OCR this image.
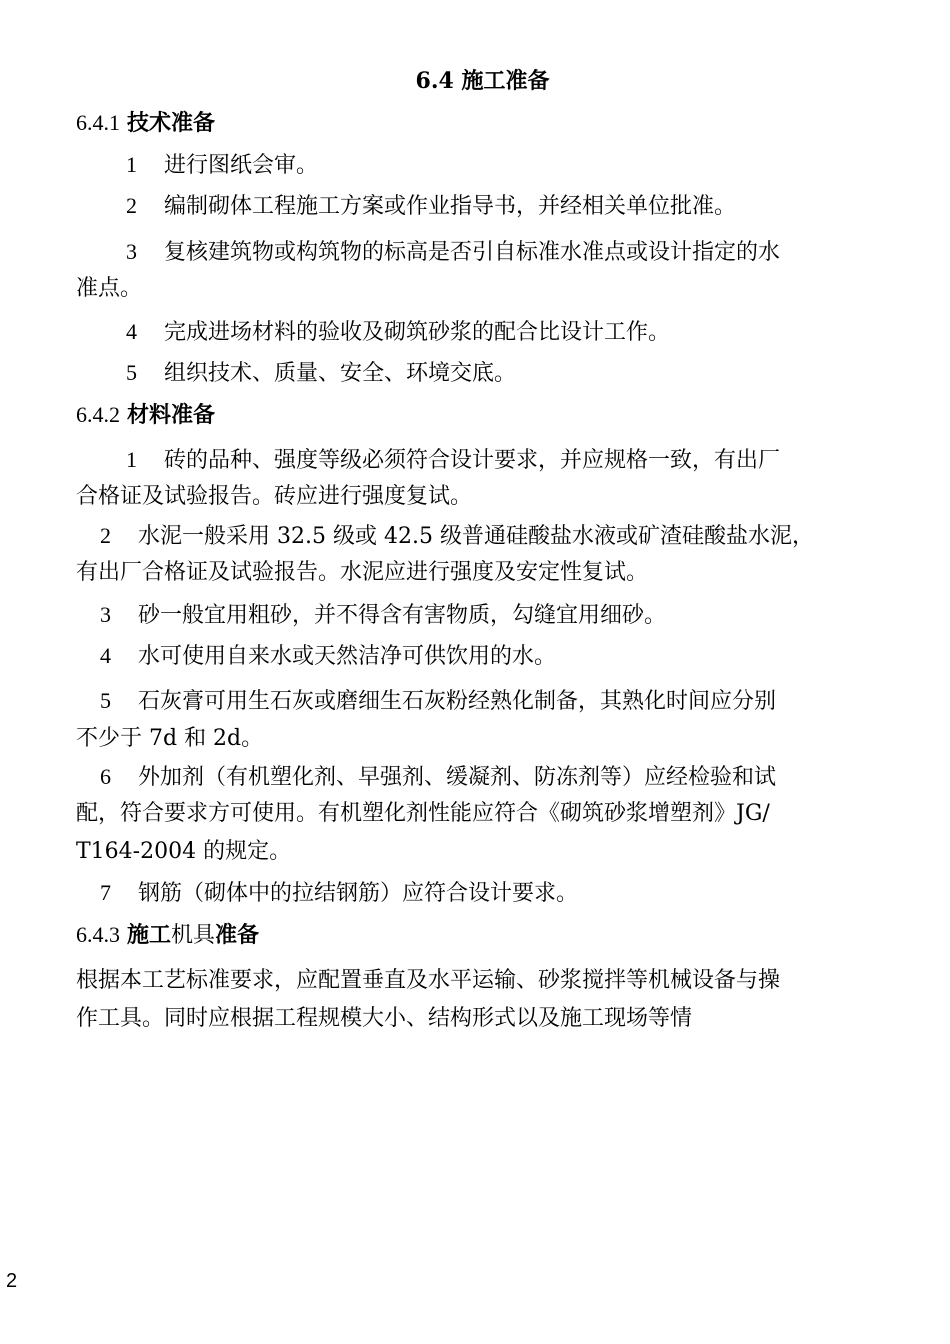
6.4 施工准备
6.4.1 技术准备
1 进行图纸会审。
2 编制砌体工程施工方案或作业指导书，并经相关单位批准。
3 复核建筑物或构筑物的标高是否引自标准水准点或设计指定的水
准点。
4 完成进场材料的验收及砌筑砂浆的配合比设计工作。
5 组织技术、质量、安全、环境交底。
6.4.2 材料准备
1 砖的品种、强度等级必须符合设计要求，并应规格一致，有出厂
合格证及试验报告。砖应进行强度复试。
2 水泥一般采用 32.5 级或 42.5 级普通硅酸盐水液或矿渣硅酸盐水泥，
有出厂合格证及试验报告。水泥应进行强度及安定性复试。
3 砂一般宜用粗砂，并不得含有害物质，勾缝宜用细砂。
4 水可使用自来水或天然洁净可供饮用的水。
5 石灰膏可用生石灰或磨细生石灰粉经熟化制备，其熟化时间应分别
不少于 7d 和 2d。
6 外加剂（有机塑化剂、早强剂、缓凝剂、防冻剂等）应经检验和试
配，符合要求方可使用。有机塑化剂性能应符合《砌筑砂浆增塑剂》JG/
T164-2004 的规定。
7 钢筋（砌体中的拉结钢筋）应符合设计要求。
6.4.3 施工机具准备
根据本工艺标准要求，应配置垂直及水平运输、砂浆搅拌等机械设备与操
作工具。同时应根据工程规模大小、结构形式以及施工现场等情
2
